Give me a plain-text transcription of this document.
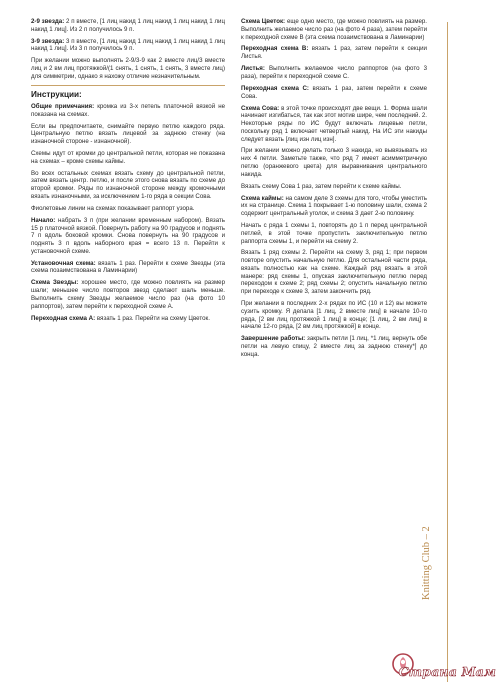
2-9 звезда: 2 п вместе, [1 лиц накид 1 лиц накид 1 лиц накид 1 лиц накид 1 лиц]. Из 2 п получилось 9 п.

3-9 звезда: 3 п вместе, [1 лиц накид 1 лиц накид 1 лиц накид 1 лиц накид 1 лиц]. Из 3 п получилось 9 п.

При желании можно выполнять 2-9/3-9 как 2 вместе лиц/3 вместе лиц и 2 вм лиц протяжкой/(1 снять, 1 снять, 1 снять, 3 вместе лиц) для симметрии, однако я нахожу отличие незначительным.

Инструкции:

Общие примечания: кромка из 3-х петель платочной вязкой не показана на схемах.

Если вы предпочитаете, снимайте первую петлю каждого ряда. Центральную петлю вязать лицевой за заднюю стенку (на изнаночной стороне - изнаночной).

Схемы идут от кромки до центральной петли, которая не показана на схемах – кроме схемы каймы.

Во всех остальных схемах вязать схему до центральной петли, затем вязать центр. петлю, и после этого снова вязать по схеме до второй кромки. Ряды по изнаночной стороне между кромочными вязать изнаночными, за исключением 1-го ряда в секции Сова.

Фиолетовые линии на схемах показывает раппорт узора.

Начало: набрать 3 п (при желании временным набором). Вязать 15 р платочной вязкой. Повернуть работу на 90 градусов и поднять 7 п вдоль боковой кромки. Снова повернуть на 90 градусов и поднять 3 п вдоль наборного края = всего 13 п. Перейти к установочной схеме.

Установочная схема: вязать 1 раз. Перейти к схеме Звезды (эта схема позаимствована в Ламинарии)

Схема Звезды: хорошее место, где можно повлиять на размер шали; меньшее число повторов звезд сделают шаль меньше. Выполнить схему Звезды желаемое число раз (на фото 10 раппортов), затем перейти к переходной схеме А.

Переходная схема А: вязать 1 раз. Перейти на схему Цветок.

Схема Цветок: еще одно место, где можно повлиять на размер. Выполнить желаемое число раз (на фото 4 раза), затем перейти к переходной схеме В (эта схема позаимствована в Ламинарии)

Переходная схема В: вязать 1 раз, затем перейти к секции Листья.

Листья: Выполнить желаемое число раппортов (на фото 3 раза), перейти к переходной схеме С.

Переходная схема С: вязать 1 раз, затем перейти к схеме Сова.

Схема Сова: в этой точке происходят две вещи. 1. Форма шали начинает изгибаться, так как этот мотив шире, чем последний. 2. Некоторые ряды по ИС будут включать лицевые петли, поскольку ряд 1 включает четвертый накид. На ИС эти накиды следует вязать [лиц изн лиц изн].

При желании можно делать только 3 накида, но вывязывать из них 4 петли. Заметьте также, что ряд 7 имеет асимметричную петлю (оранжевого цвета) для выравнивания центрального накида.

Вязать схему Сова 1 раз, затем перейти к схеме каймы.

Схема каймы: на самом деле 3 схемы для того, чтобы уместить их на странице. Схема 1 покрывает 1-ю половину шали, схема 2 содержит центральный уголок, и схема 3 дает 2-ю половину.

Начать с ряда 1 схемы 1, повторять до 1 п перед центральной петлей, в этой точке пропустить заключительную петлю раппорта схемы 1, и перейти на схему 2.

Вязать 1 ряд схемы 2. Перейти на схему 3, ряд 1; при первом повторе опустить начальную петлю. Для остальной части ряда, вязать полностью как на схеме. Каждый ряд вязать в этой манере: ряд схемы 1, опуская заключительную петлю перед переходом к схеме 2; ряд схемы 2; опустить начальную петлю при переходе к схеме 3, затем закончить ряд.

При желании в последних 2-х рядах по ИС (10 и 12) вы можете сузить кромку. Я делала [1 лиц, 2 вместе лиц] в начале 10-го ряда, [2 вм лиц протяжкой 1 лиц] в конце; [1 лиц, 2 вм лиц] в начале 12-го ряда, [2 вм лиц протяжкой] в конце.

Завершение работы: закрыть петли [1 лиц, *1 лиц, вернуть обе петли на левую спицу, 2 вместе лиц за заднюю стенку*] до конца.

Knitting Club – 2
Страна Мам
